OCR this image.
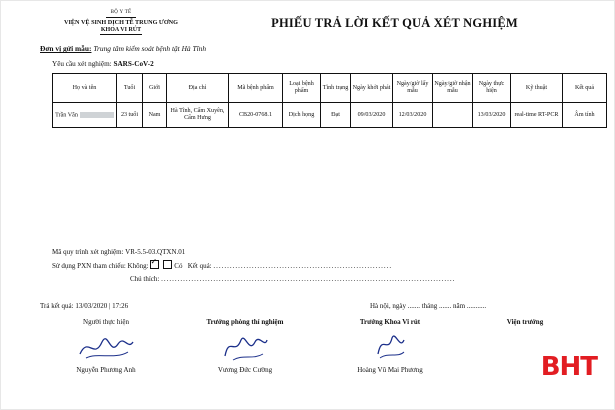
BỘ Y TẾ
VIỆN VỆ SINH DỊCH TỄ TRUNG ƯƠNG
KHOA VI RÚT	PHIẾU TRẢ LỜI KẾT QUẢ XÉT NGHIỆM
Đơn vị gửi mẫu: Trung tâm kiểm soát bệnh tật Hà Tĩnh
Yêu cầu xét nghiệm: SARS-CoV-2
Họ và tên	Tuổi	Giới	Địa chỉ	Mã bệnh phẩm	Loại bệnh phẩm	Tình trạng	Ngày khởi phát	Ngày/giờ lấy mẫu	Ngày/giờ nhận mẫu	Ngày thực hiện	Kỹ thuật	Kết quả
Trần Văn	23 tuổi	Nam	Hà Tĩnh, Cẩm Xuyên, Cẩm Hưng	CB20-0768.1	Dịch họng	Đạt	09/03/2020	12/03/2020		13/03/2020	real-time RT-PCR	Âm tính
Mã quy trình xét nghiệm: VR-5.5-03.QTXN.01
Sử dụng PXN tham chiếu: Không: ✓	Có Kết quả: .................................................................
Chú thích: ...........................................................................................................
Trả kết quả: 13/03/2020 | 17:26	Hà nội, ngày ....... tháng ....... năm ...........
Người thực hiện
Nguyễn Phương Anh
Trưởng phòng thí nghiệm
Vương Đức Cường
Trưởng Khoa Vi rút
Hoàng Vũ Mai Phương
Viện trưởng
BHT
